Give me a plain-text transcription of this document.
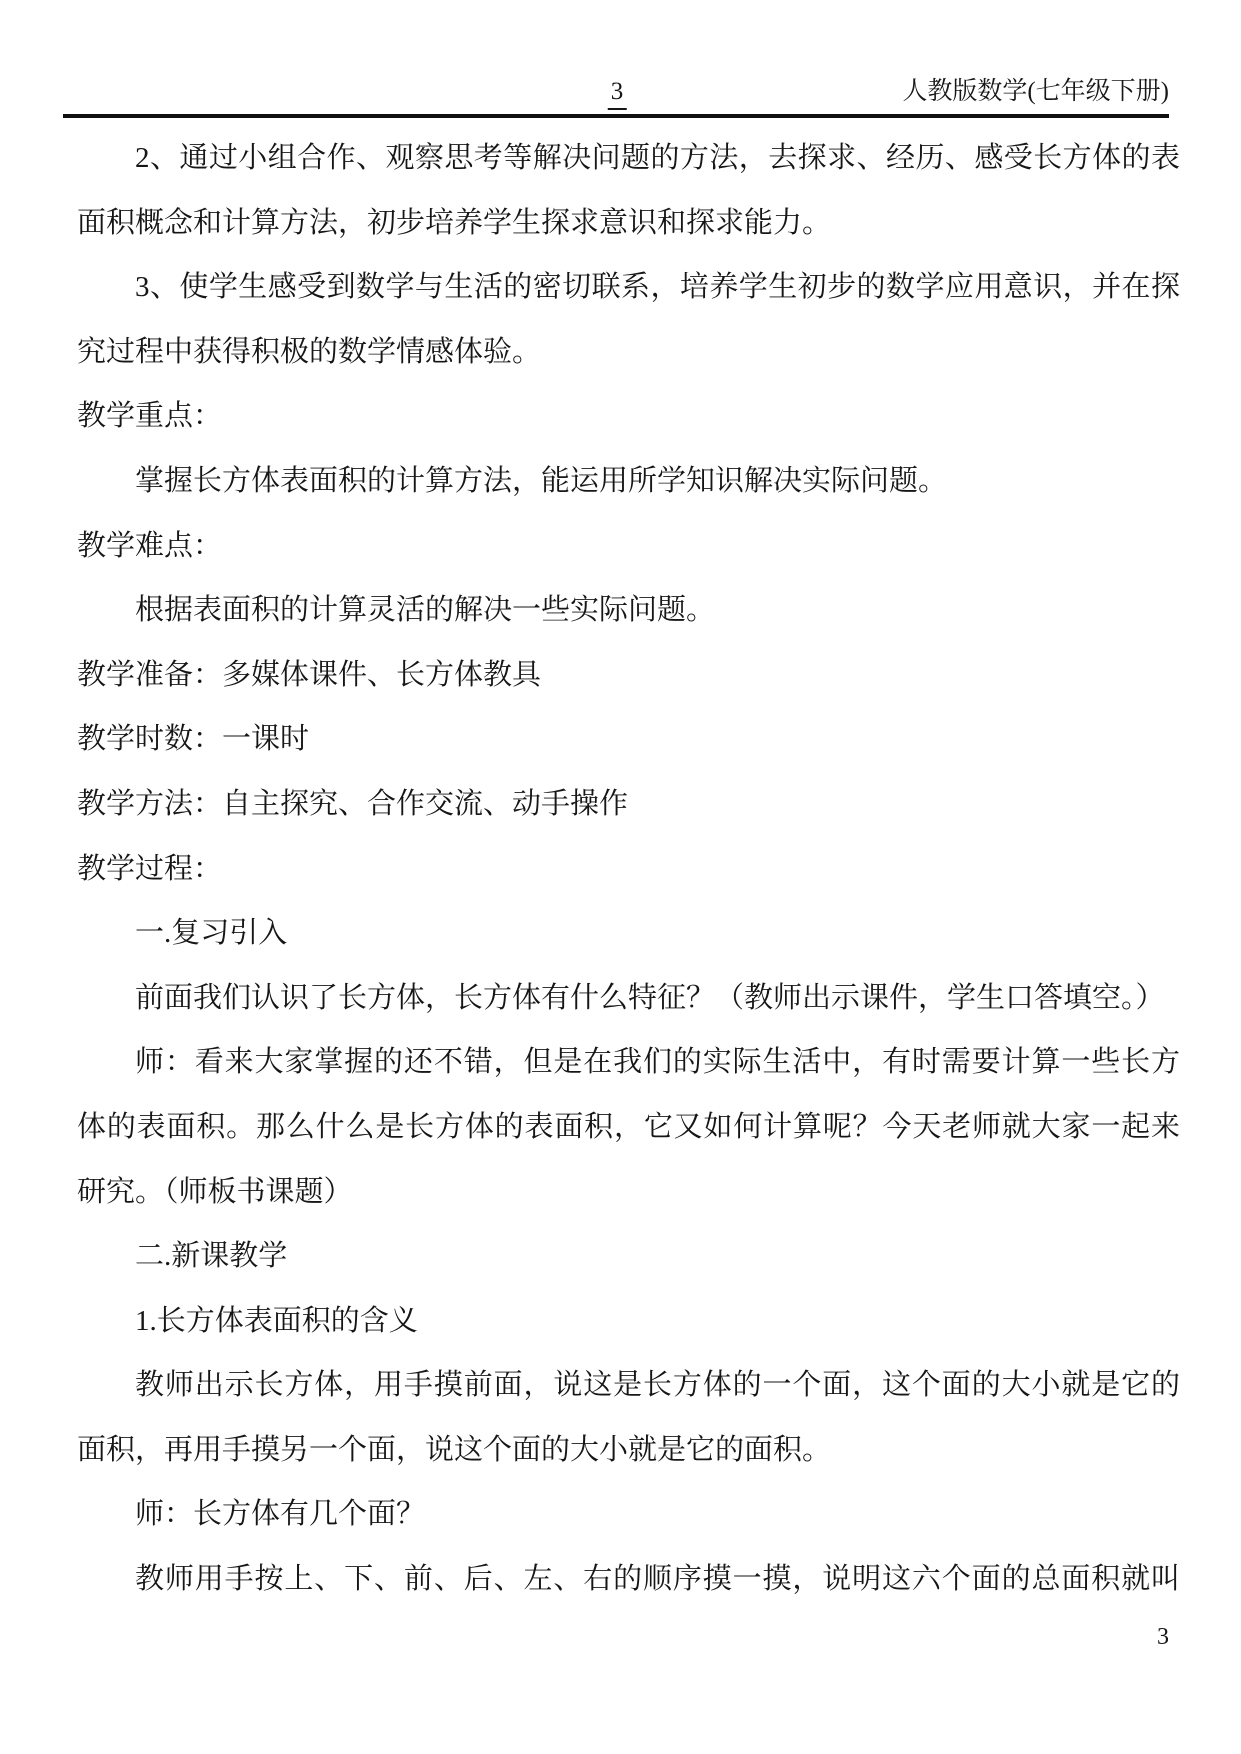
3	人教版数学(七年级下册)
2、通过小组合作、观察思考等解决问题的方法，去探求、经历、感受长方体的表
面积概念和计算方法，初步培养学生探求意识和探求能力。
3、使学生感受到数学与生活的密切联系，培养学生初步的数学应用意识，并在探
究过程中获得积极的数学情感体验。
教学重点：
掌握长方体表面积的计算方法，能运用所学知识解决实际问题。
教学难点：
根据表面积的计算灵活的解决一些实际问题。
教学准备：多媒体课件、长方体教具
教学时数：一课时
教学方法：自主探究、合作交流、动手操作
教学过程：
一.复习引入
前面我们认识了长方体，长方体有什么特征？（教师出示课件，学生口答填空。）
师：看来大家掌握的还不错，但是在我们的实际生活中，有时需要计算一些长方
体的表面积。那么什么是长方体的表面积，它又如何计算呢？今天老师就大家一起来
研究。（师板书课题）
二.新课教学
1.长方体表面积的含义
教师出示长方体，用手摸前面，说这是长方体的一个面，这个面的大小就是它的
面积，再用手摸另一个面，说这个面的大小就是它的面积。
师：长方体有几个面？
教师用手按上、下、前、后、左、右的顺序摸一摸，说明这六个面的总面积就叫
3
